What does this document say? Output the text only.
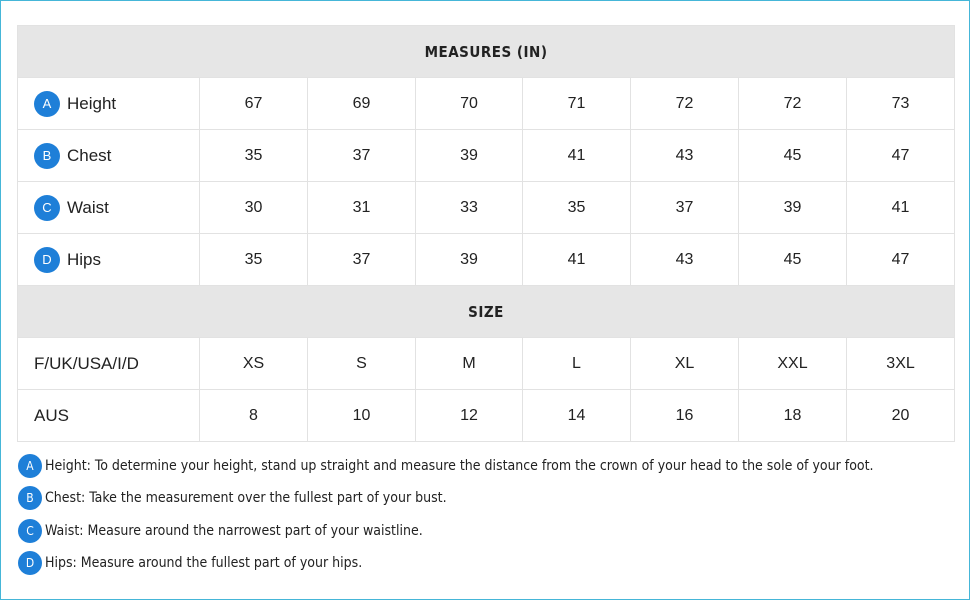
MEASURES (IN)							
A Height	67	69	70	71	72	72	73
B Chest	35	37	39	41	43	45	47
C Waist	30	31	33	35	37	39	41
D Hips	35	37	39	41	43	45	47
SIZE							
F/UK/USA/I/D	XS	S	M	L	XL	XXL	3XL
AUS	8	10	12	14	16	18	20
A Height: To determine your height, stand up straight and measure the distance from the crown of your head to the sole of your foot.
B Chest: Take the measurement over the fullest part of your bust.
C Waist: Measure around the narrowest part of your waistline.
D Hips: Measure around the fullest part of your hips.
